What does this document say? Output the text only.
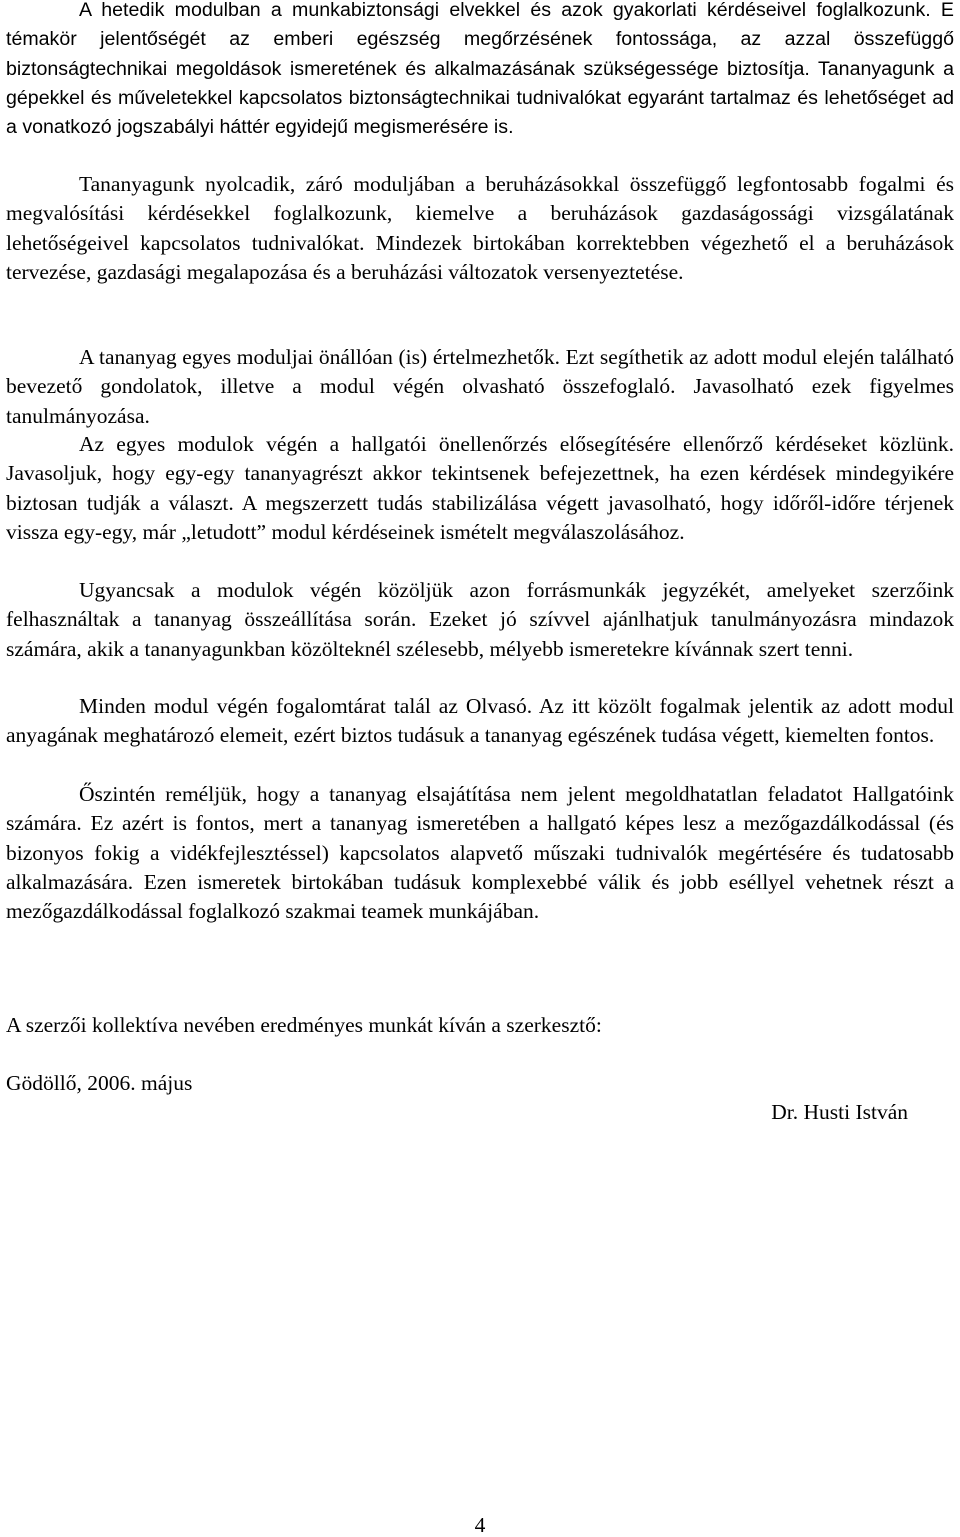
A hetedik modulban a munkabiztonsági elvekkel és azok gyakorlati kérdéseivel foglalkozunk. E témakör jelentőségét az emberi egészség megőrzésének fontossága, az azzal összefüggő biztonságtechnikai megoldások ismeretének és alkalmazásának szükségessége biztosítja. Tananyagunk a gépekkel és műveletekkel kapcsolatos biztonságtechnikai tudnivalókat egyaránt tartalmaz és lehetőséget ad a vonatkozó jogszabályi háttér egyidejű megismerésére is.

Tananyagunk nyolcadik, záró moduljában a beruházásokkal összefüggő legfontosabb fogalmi és megvalósítási kérdésekkel foglalkozunk, kiemelve a beruházások gazdaságossági vizsgálatának lehetőségeivel kapcsolatos tudnivalókat. Mindezek birtokában korrektebben végezhető el a beruházások tervezése, gazdasági megalapozása és a beruházási változatok versenyeztetése.

A tananyag egyes moduljai önállóan (is) értelmezhetők. Ezt segíthetik az adott modul elején található bevezető gondolatok, illetve a modul végén olvasható összefoglaló. Javasolható ezek figyelmes tanulmányozása.

Az egyes modulok végén a hallgatói önellenőrzés elősegítésére ellenőrző kérdéseket közlünk. Javasoljuk, hogy egy-egy tananyagrészt akkor tekintsenek befejezettnek, ha ezen kérdések mindegyikére biztosan tudják a választ. A megszerzett tudás stabilizálása végett javasolható, hogy időről-időre térjenek vissza egy-egy, már „letudott” modul kérdéseinek ismételt megválaszolásához.

Ugyancsak a modulok végén közöljük azon forrásmunkák jegyzékét, amelyeket szerzőink felhasználtak a tananyag összeállítása során. Ezeket jó szívvel ajánlhatjuk tanulmányozásra mindazok számára, akik a tananyagunkban közölteknél szélesebb, mélyebb ismeretekre kívánnak szert tenni.

Minden modul végén fogalomtárat talál az Olvasó. Az itt közölt fogalmak jelentik az adott modul anyagának meghatározó elemeit, ezért biztos tudásuk a tananyag egészének tudása végett, kiemelten fontos.

Őszintén reméljük, hogy a tananyag elsajátítása nem jelent megoldhatatlan feladatot Hallgatóink számára. Ez azért is fontos, mert a tananyag ismeretében a hallgató képes lesz a mezőgazdálkodással (és bizonyos fokig a vidékfejlesztéssel) kapcsolatos alapvető műszaki tudnivalók megértésére és tudatosabb alkalmazására. Ezen ismeretek birtokában tudásuk komplexebbé válik és jobb eséllyel vehetnek részt a mezőgazdálkodással foglalkozó szakmai teamek munkájában.

A szerzői kollektíva nevében eredményes munkát kíván a szerkesztő:

Gödöllő, 2006. május

Dr. Husti István

4
